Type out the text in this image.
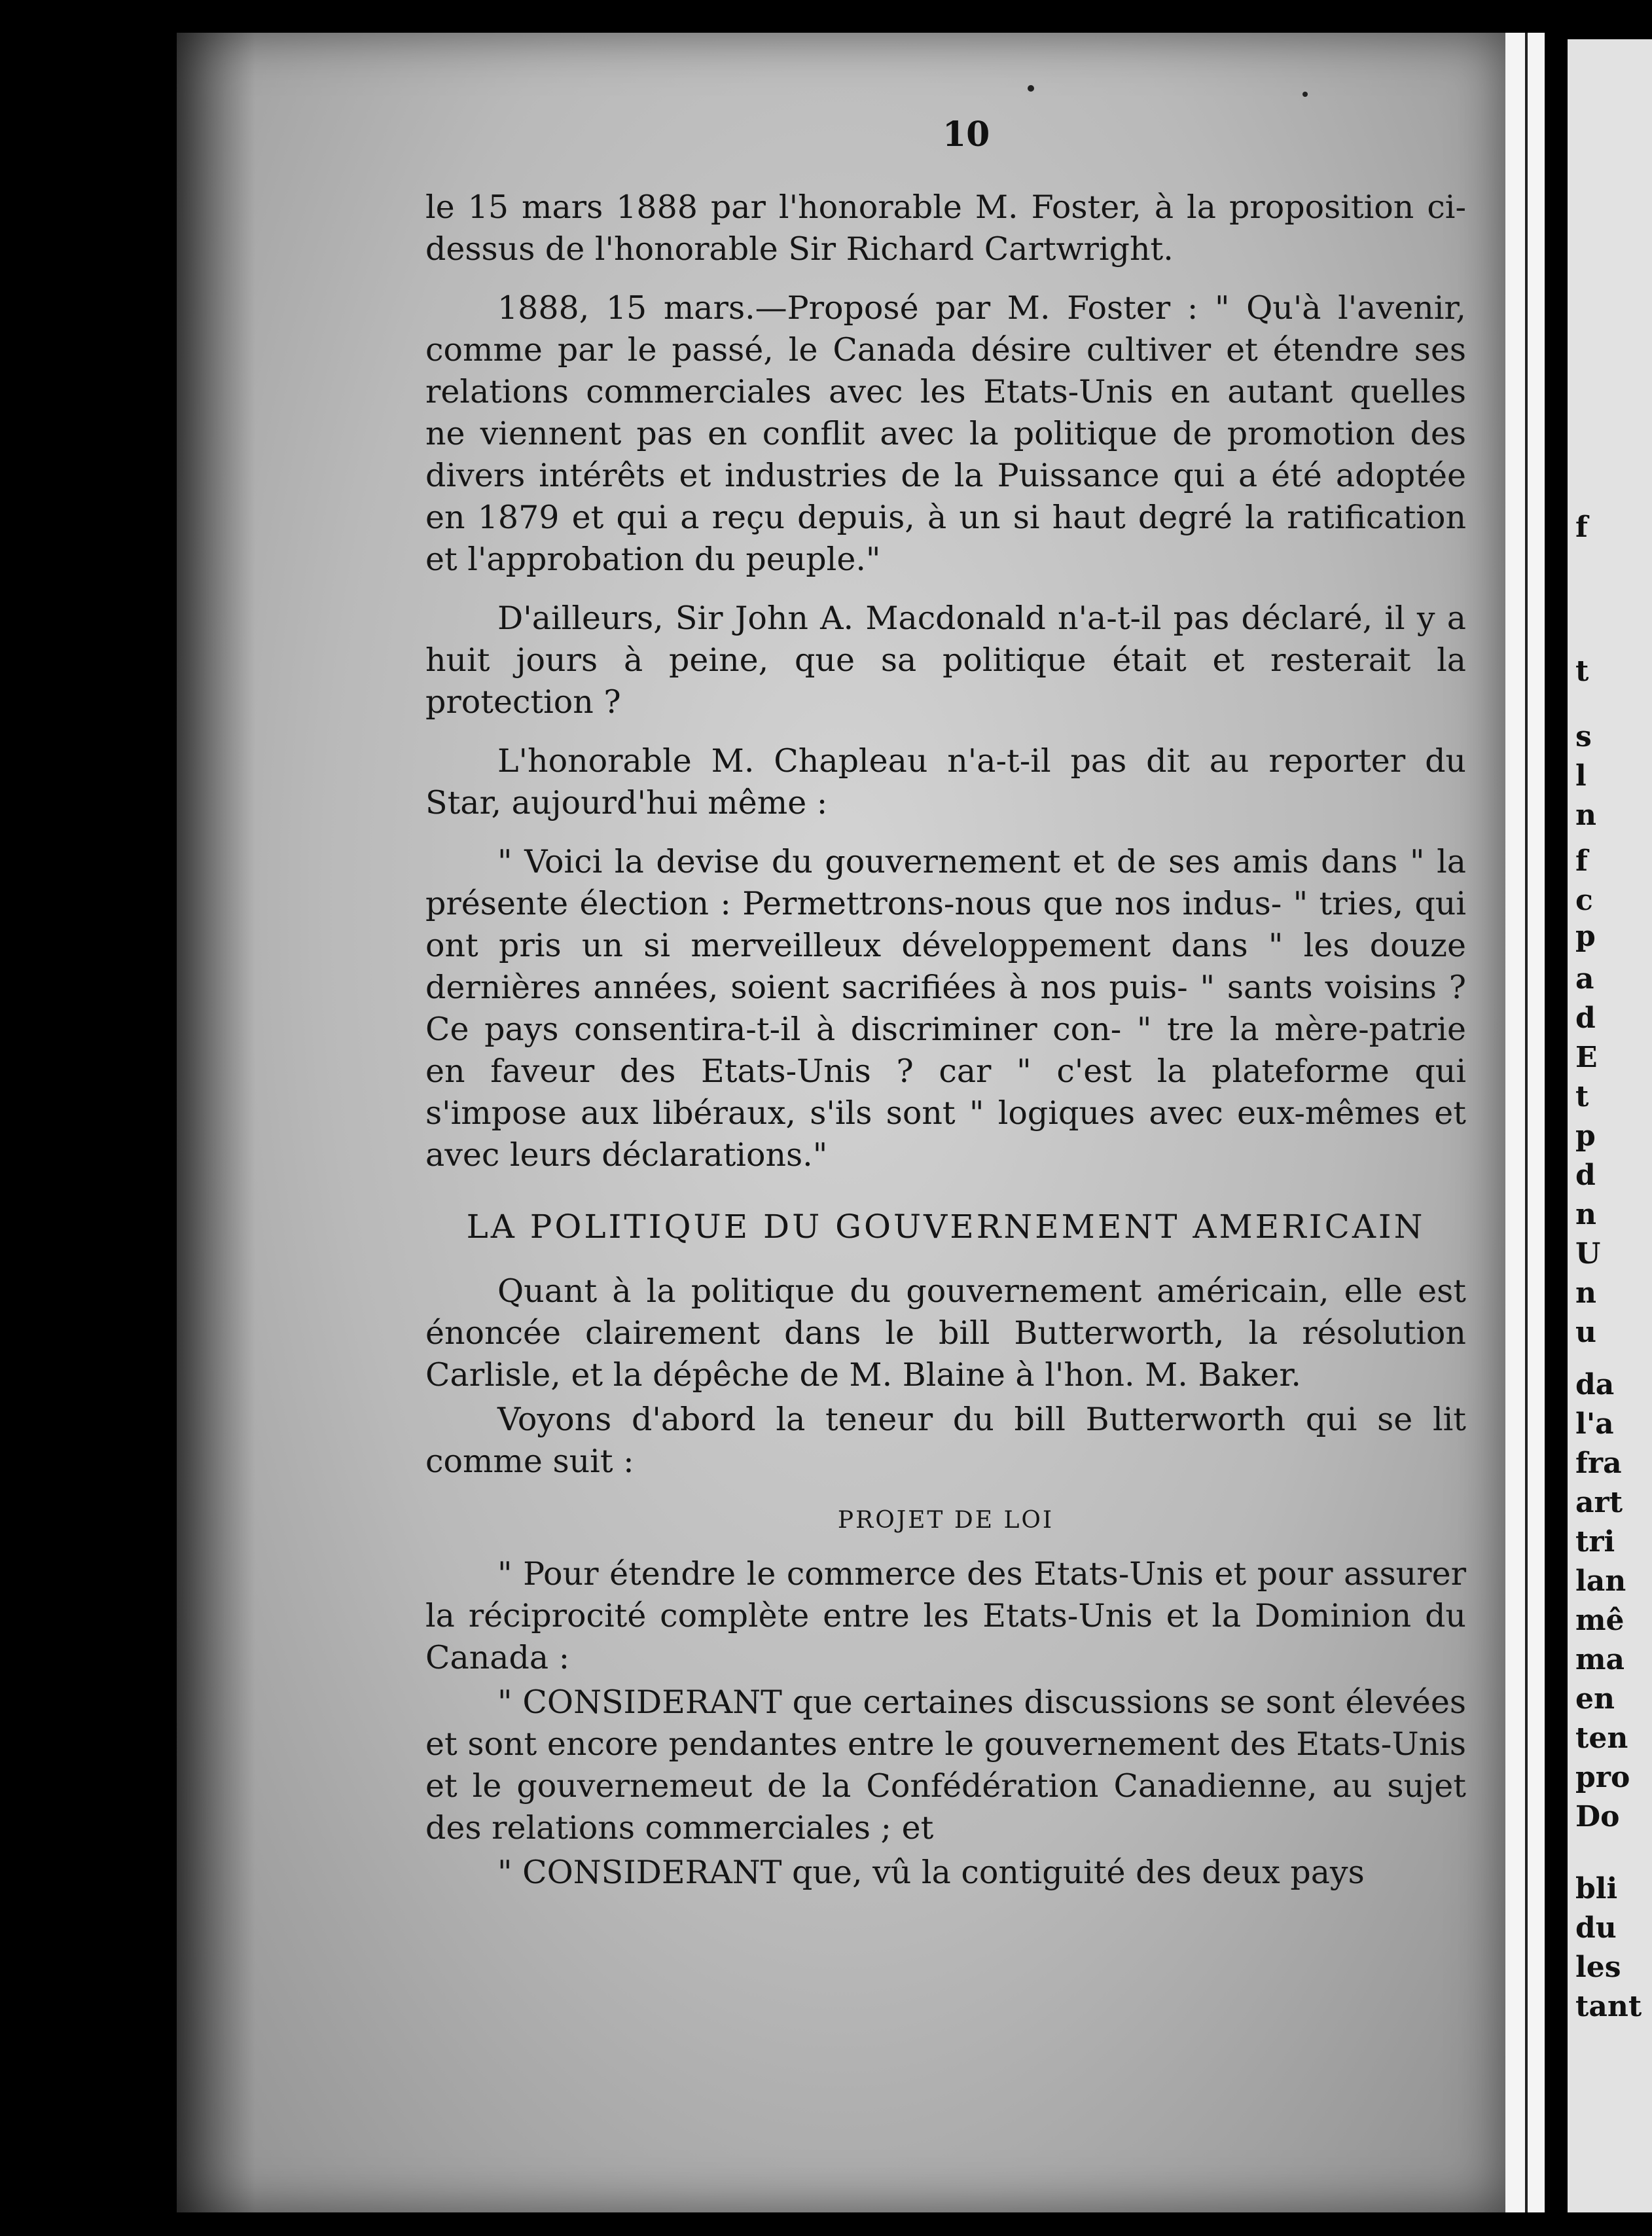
f
t
s
l
n
f
c
p
a
d
E
t
p
d
n
U
n
u
da
l'a
fra
art
tri
lan
mê
ma
en
ten
pro
Do
bli
du
les
tant
10

le 15 mars 1888 par l'honorable M. Foster, à la proposition ci-dessus de l'honorable Sir Richard Cartwright.

1888, 15 mars.—Proposé par M. Foster : " Qu'à l'avenir, comme par le passé, le Canada désire cultiver et étendre ses relations commerciales avec les Etats-Unis en autant quelles ne viennent pas en conflit avec la politique de promotion des divers intérêts et industries de la Puissance qui a été adoptée en 1879 et qui a reçu depuis, à un si haut degré la ratification et l'approbation du peuple."

D'ailleurs, Sir John A. Macdonald n'a-t-il pas déclaré, il y a huit jours à peine, que sa politique était et resterait la protection ?

L'honorable M. Chapleau n'a-t-il pas dit au reporter du Star, aujourd'hui même :

" Voici la devise du gouvernement et de ses amis dans " la présente élection : Permettrons-nous que nos indus- " tries, qui ont pris un si merveilleux développement dans " les douze dernières années, soient sacrifiées à nos puis- " sants voisins ? Ce pays consentira-t-il à discriminer con- " tre la mère-patrie en faveur des Etats-Unis ? car " c'est la plateforme qui s'impose aux libéraux, s'ils sont " logiques avec eux-mêmes et avec leurs déclarations."

LA POLITIQUE DU GOUVERNEMENT AMERICAIN

Quant à la politique du gouvernement américain, elle est énoncée clairement dans le bill Butterworth, la résolution Carlisle, et la dépêche de M. Blaine à l'hon. M. Baker.

Voyons d'abord la teneur du bill Butterworth qui se lit comme suit :

PROJET DE LOI

" Pour étendre le commerce des Etats-Unis et pour assurer la réciprocité complète entre les Etats-Unis et la Dominion du Canada :

" CONSIDERANT que certaines discussions se sont élevées et sont encore pendantes entre le gouvernement des Etats-Unis et le gouvernemeut de la Confédération Canadienne, au sujet des relations commerciales ; et

" CONSIDERANT que, vû la contiguité des deux pays
